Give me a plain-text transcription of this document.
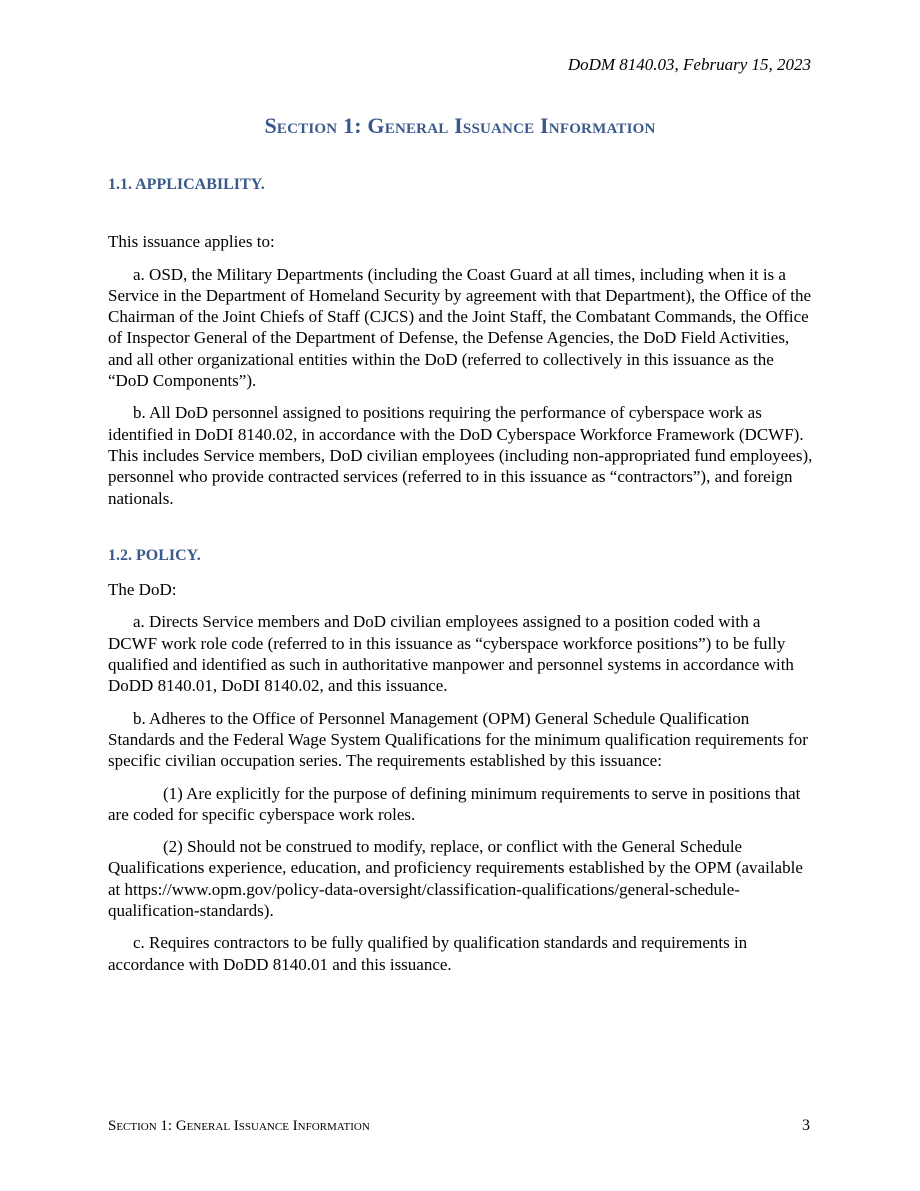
DoDM 8140.03, February 15, 2023
Section 1: General Issuance Information

1.1. APPLICABILITY.

This issuance applies to:

a. OSD, the Military Departments (including the Coast Guard at all times, including when it is a Service in the Department of Homeland Security by agreement with that Department), the Office of the Chairman of the Joint Chiefs of Staff (CJCS) and the Joint Staff, the Combatant Commands, the Office of Inspector General of the Department of Defense, the Defense Agencies, the DoD Field Activities, and all other organizational entities within the DoD (referred to collectively in this issuance as the “DoD Components”).

b. All DoD personnel assigned to positions requiring the performance of cyberspace work as identified in DoDI 8140.02, in accordance with the DoD Cyberspace Workforce Framework (DCWF). This includes Service members, DoD civilian employees (including non-appropriated fund employees), personnel who provide contracted services (referred to in this issuance as “contractors”), and foreign nationals.

1.2. POLICY.

The DoD:

a. Directs Service members and DoD civilian employees assigned to a position coded with a DCWF work role code (referred to in this issuance as “cyberspace workforce positions”) to be fully qualified and identified as such in authoritative manpower and personnel systems in accordance with DoDD 8140.01, DoDI 8140.02, and this issuance.

b. Adheres to the Office of Personnel Management (OPM) General Schedule Qualification Standards and the Federal Wage System Qualifications for the minimum qualification requirements for specific civilian occupation series. The requirements established by this issuance:

(1) Are explicitly for the purpose of defining minimum requirements to serve in positions that are coded for specific cyberspace work roles.

(2) Should not be construed to modify, replace, or conflict with the General Schedule Qualifications experience, education, and proficiency requirements established by the OPM (available at https://www.opm.gov/policy-data-oversight/classification-qualifications/general-schedule-qualification-standards).

c. Requires contractors to be fully qualified by qualification standards and requirements in accordance with DoDD 8140.01 and this issuance.

Section 1: General Issuance Information	3
